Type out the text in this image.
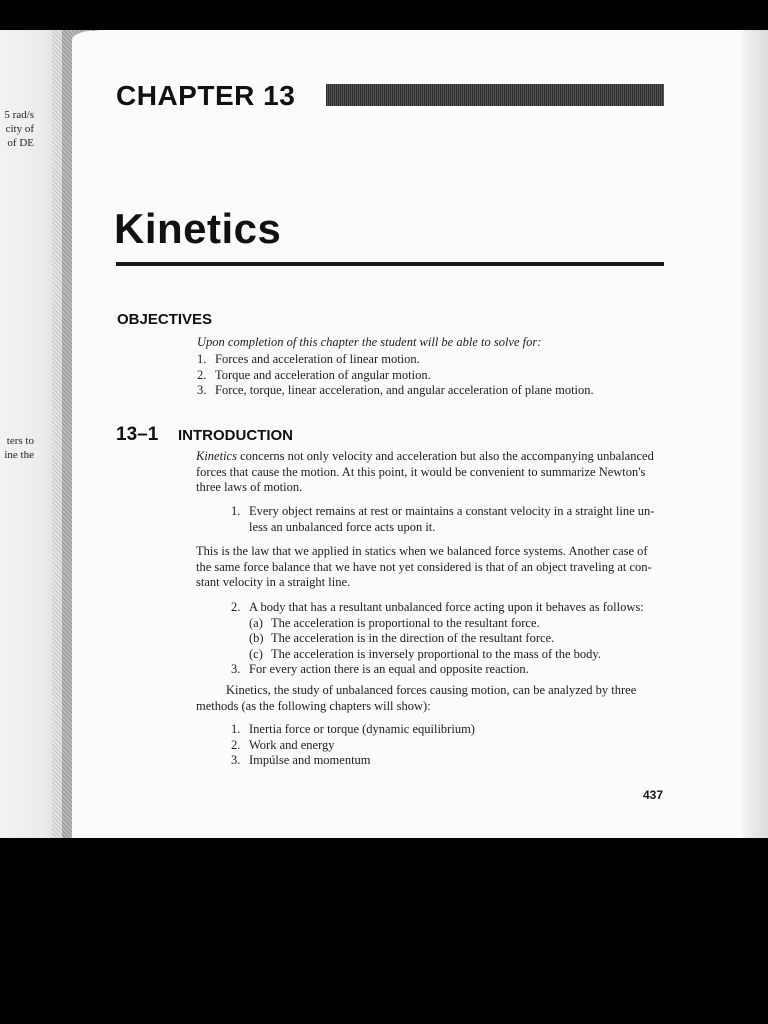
5 rad/s
city of
of DE
ters to
ine the
CHAPTER 13
Kinetics
OBJECTIVES
Upon completion of this chapter the student will be able to solve for:
1. Forces and acceleration of linear motion.
2. Torque and acceleration of angular motion.
3. Force, torque, linear acceleration, and angular acceleration of plane motion.
13–1 INTRODUCTION
Kinetics concerns not only velocity and acceleration but also the accompanying unbalanced
forces that cause the motion. At this point, it would be convenient to summarize Newton's
three laws of motion.
1. Every object remains at rest or maintains a constant velocity in a straight line un-
less an unbalanced force acts upon it.
This is the law that we applied in statics when we balanced force systems. Another case of
the same force balance that we have not yet considered is that of an object traveling at con-
stant velocity in a straight line.
2. A body that has a resultant unbalanced force acting upon it behaves as follows:
(a) The acceleration is proportional to the resultant force.
(b) The acceleration is in the direction of the resultant force.
(c) The acceleration is inversely proportional to the mass of the body.
3. For every action there is an equal and opposite reaction.
Kinetics, the study of unbalanced forces causing motion, can be analyzed by three
methods (as the following chapters will show):
1. Inertia force or torque (dynamic equilibrium)
2. Work and energy
3. Impúlse and momentum
437
